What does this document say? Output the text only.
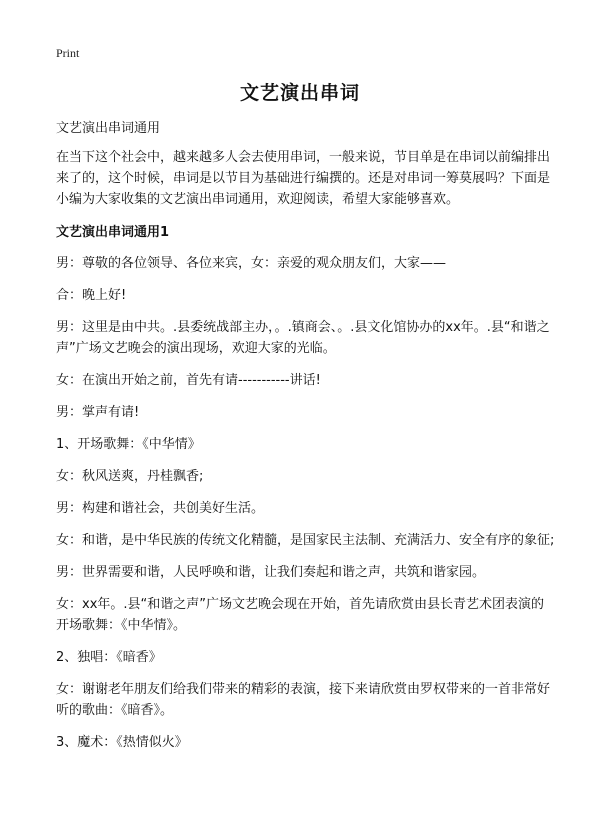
Print
文艺演出串词

文艺演出串词通用

在当下这个社会中，越来越多人会去使用串词，一般来说，节目单是在串词以前编排出来了的，这个时候，串词是以节目为基础进行编撰的。还是对串词一筹莫展吗？下面是小编为大家收集的文艺演出串词通用，欢迎阅读，希望大家能够喜欢。

文艺演出串词通用1

男：尊敬的各位领导、各位来宾，女：亲爱的观众朋友们，大家——

合：晚上好!

男：这里是由中共。.县委统战部主办，。.镇商会、。.县文化馆协办的xx年。.县“和谐之声”广场文艺晚会的演出现场，欢迎大家的光临。

女：在演出开始之前，首先有请-----------讲话!

男：掌声有请!

1、开场歌舞：《中华情》

女：秋风送爽，丹桂飘香;

男：构建和谐社会，共创美好生活。

女：和谐，是中华民族的传统文化精髓，是国家民主法制、充满活力、安全有序的象征;

男：世界需要和谐，人民呼唤和谐，让我们奏起和谐之声，共筑和谐家园。

女：xx年。.县“和谐之声”广场文艺晚会现在开始，首先请欣赏由县长青艺术团表演的开场歌舞：《中华情》。

2、独唱：《暗香》

女：谢谢老年朋友们给我们带来的精彩的表演，接下来请欣赏由罗权带来的一首非常好听的歌曲：《暗香》。

3、魔术：《热情似火》
